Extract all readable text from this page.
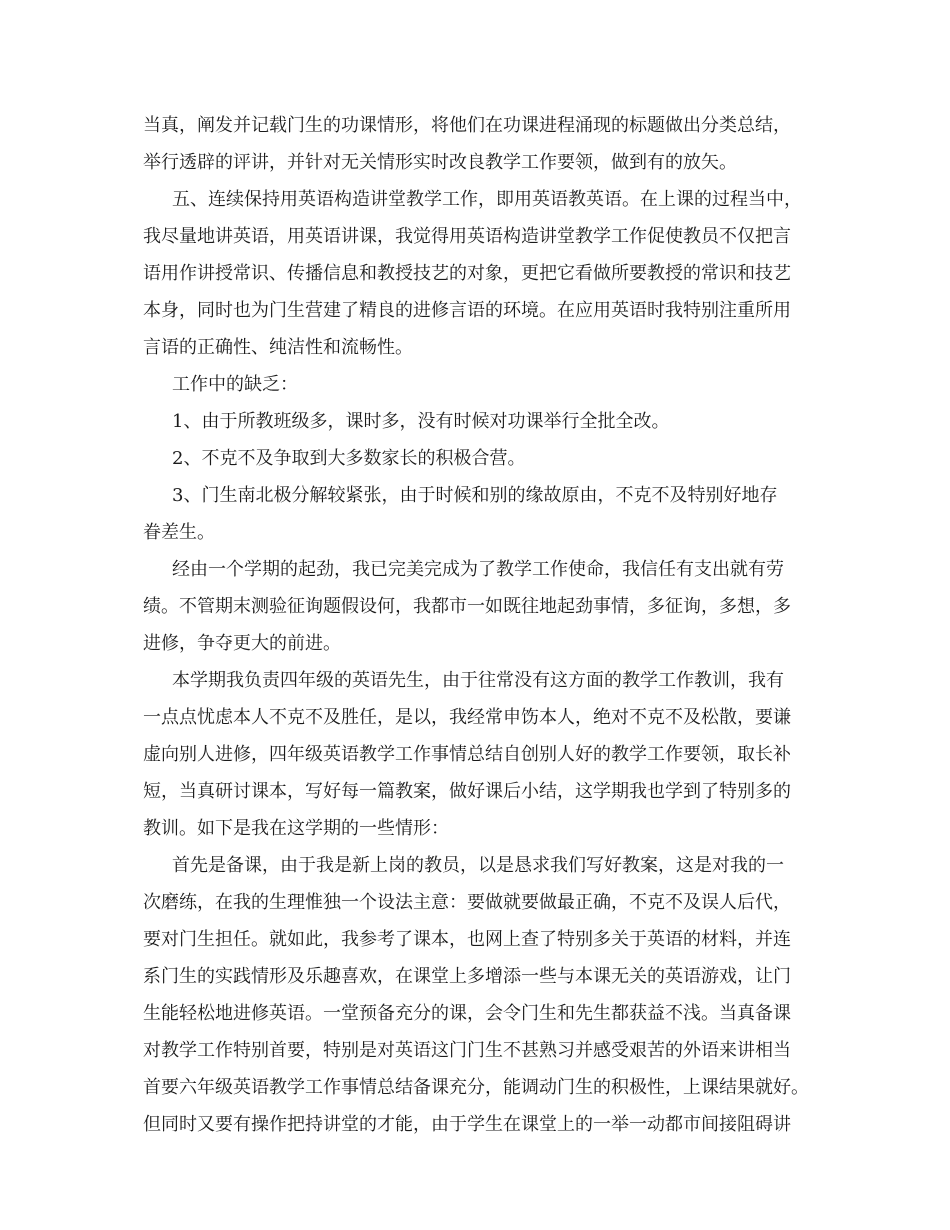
当真，阐发并记载门生的功课情形，将他们在功课进程涌现的标题做出分类总结，

举行透辟的评讲，并针对无关情形实时改良教学工作要领，做到有的放矢。

五、连续保持用英语构造讲堂教学工作，即用英语教英语。在上课的过程当中，

我尽量地讲英语，用英语讲课，我觉得用英语构造讲堂教学工作促使教员不仅把言

语用作讲授常识、传播信息和教授技艺的对象，更把它看做所要教授的常识和技艺

本身，同时也为门生营建了精良的进修言语的环境。在应用英语时我特别注重所用

言语的正确性、纯洁性和流畅性。

工作中的缺乏：

1、由于所教班级多，课时多，没有时候对功课举行全批全改。

2、不克不及争取到大多数家长的积极合营。

3、门生南北极分解较紧张，由于时候和别的缘故原由，不克不及特别好地存

眷差生。

经由一个学期的起劲，我已完美完成为了教学工作使命，我信任有支出就有劳

绩。不管期末测验征询题假设何，我都市一如既往地起劲事情，多征询，多想，多

进修，争夺更大的前进。

本学期我负责四年级的英语先生，由于往常没有这方面的教学工作教训，我有

一点点忧虑本人不克不及胜任，是以，我经常申饬本人，绝对不克不及松散，要谦

虚向别人进修，四年级英语教学工作事情总结自创别人好的教学工作要领，取长补

短，当真研讨课本，写好每一篇教案，做好课后小结，这学期我也学到了特别多的

教训。如下是我在这学期的一些情形：

首先是备课，由于我是新上岗的教员，以是恳求我们写好教案，这是对我的一

次磨练，在我的生理惟独一个设法主意：要做就要做最正确，不克不及误人后代，

要对门生担任。就如此，我参考了课本，也网上查了特别多关于英语的材料，并连

系门生的实践情形及乐趣喜欢，在课堂上多增添一些与本课无关的英语游戏，让门

生能轻松地进修英语。一堂预备充分的课，会令门生和先生都获益不浅。当真备课

对教学工作特别首要，特别是对英语这门门生不甚熟习并感受艰苦的外语来讲相当

首要六年级英语教学工作事情总结备课充分，能调动门生的积极性，上课结果就好。

但同时又要有操作把持讲堂的才能，由于学生在课堂上的一举一动都市间接阻碍讲
